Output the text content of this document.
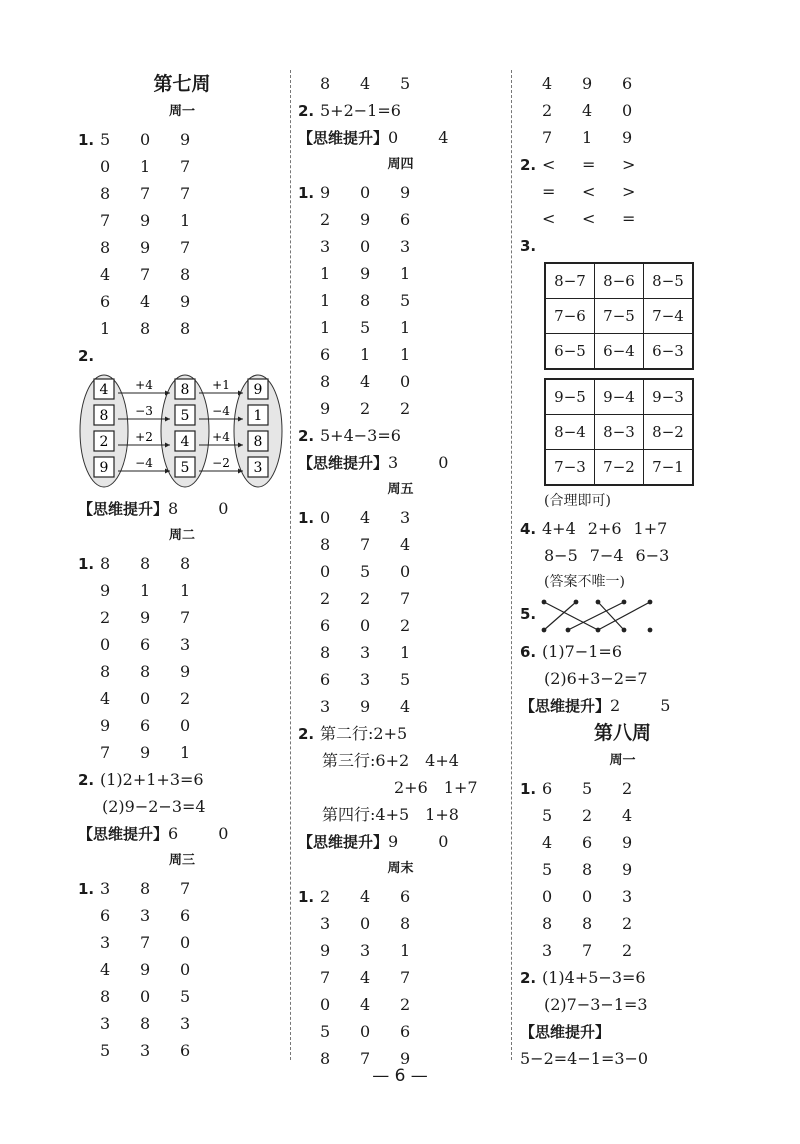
第七周
周一
1. 5 0 9
0 1 7
8 7 7
7 9 1
8 9 7
4 7 8
6 4 9
1 8 8
2.
4	8	9
+4	+1
8	5	1
−3	−4
2	4	8
+2	+4
9	5	3
−4	−2
【思维提升】8	0
周二
1. 8 8 8
9 1 1
2 9 7
0 6 3
8 8 9
4 0 2
9 6 0
7 9 1
2. (1)2+1+3=6
(2)9−2−3=4
【思维提升】6	0
周三
1. 3 8 7
6 3 6
3 7 0
4 9 0
8 0 5
3 8 3
5 3 6
8 4 5
2. 5+2−1=6
【思维提升】0	4
周四
1. 9 0 9
2 9 6
3 0 3
1 9 1
1 8 5
1 5 1
6 1 1
8 4 0
9 2 2
2. 5+4−3=6
【思维提升】3	0
周五
1. 0 4 3
8 7 4
0 5 0
2 2 7
6 0 2
8 3 1
6 3 5
3 9 4
2. 第二行:2+5
第三行:6+2　4+4
2+6　1+7
第四行:4+5　1+8
【思维提升】9	0
周末
1. 2 4 6
3 0 8
9 3 1
7 4 7
0 4 2
5 0 6
8 7 9
4 9 6
2 4 0
7 1 9
2. < = >
= < >
< < =
3.
8−7	8−6	8−5
7−6	7−5	7−4
6−5	6−4	6−3
9−5	9−4	9−3
8−4	8−3	8−2
7−3	7−2	7−1
(合理即可)
4. 4+4 2+6 1+7
8−5 7−4 6−3
(答案不唯一)
5.
6. (1)7−1=6
(2)6+3−2=7
【思维提升】2	5
第八周
周一
1. 6 5 2
5 2 4
4 6 9
5 8 9
0 0 3
8 8 2
3 7 2
2. (1)4+5−3=6
(2)7−3−1=3
【思维提升】
5−2=4−1=3−0
— 6 —
